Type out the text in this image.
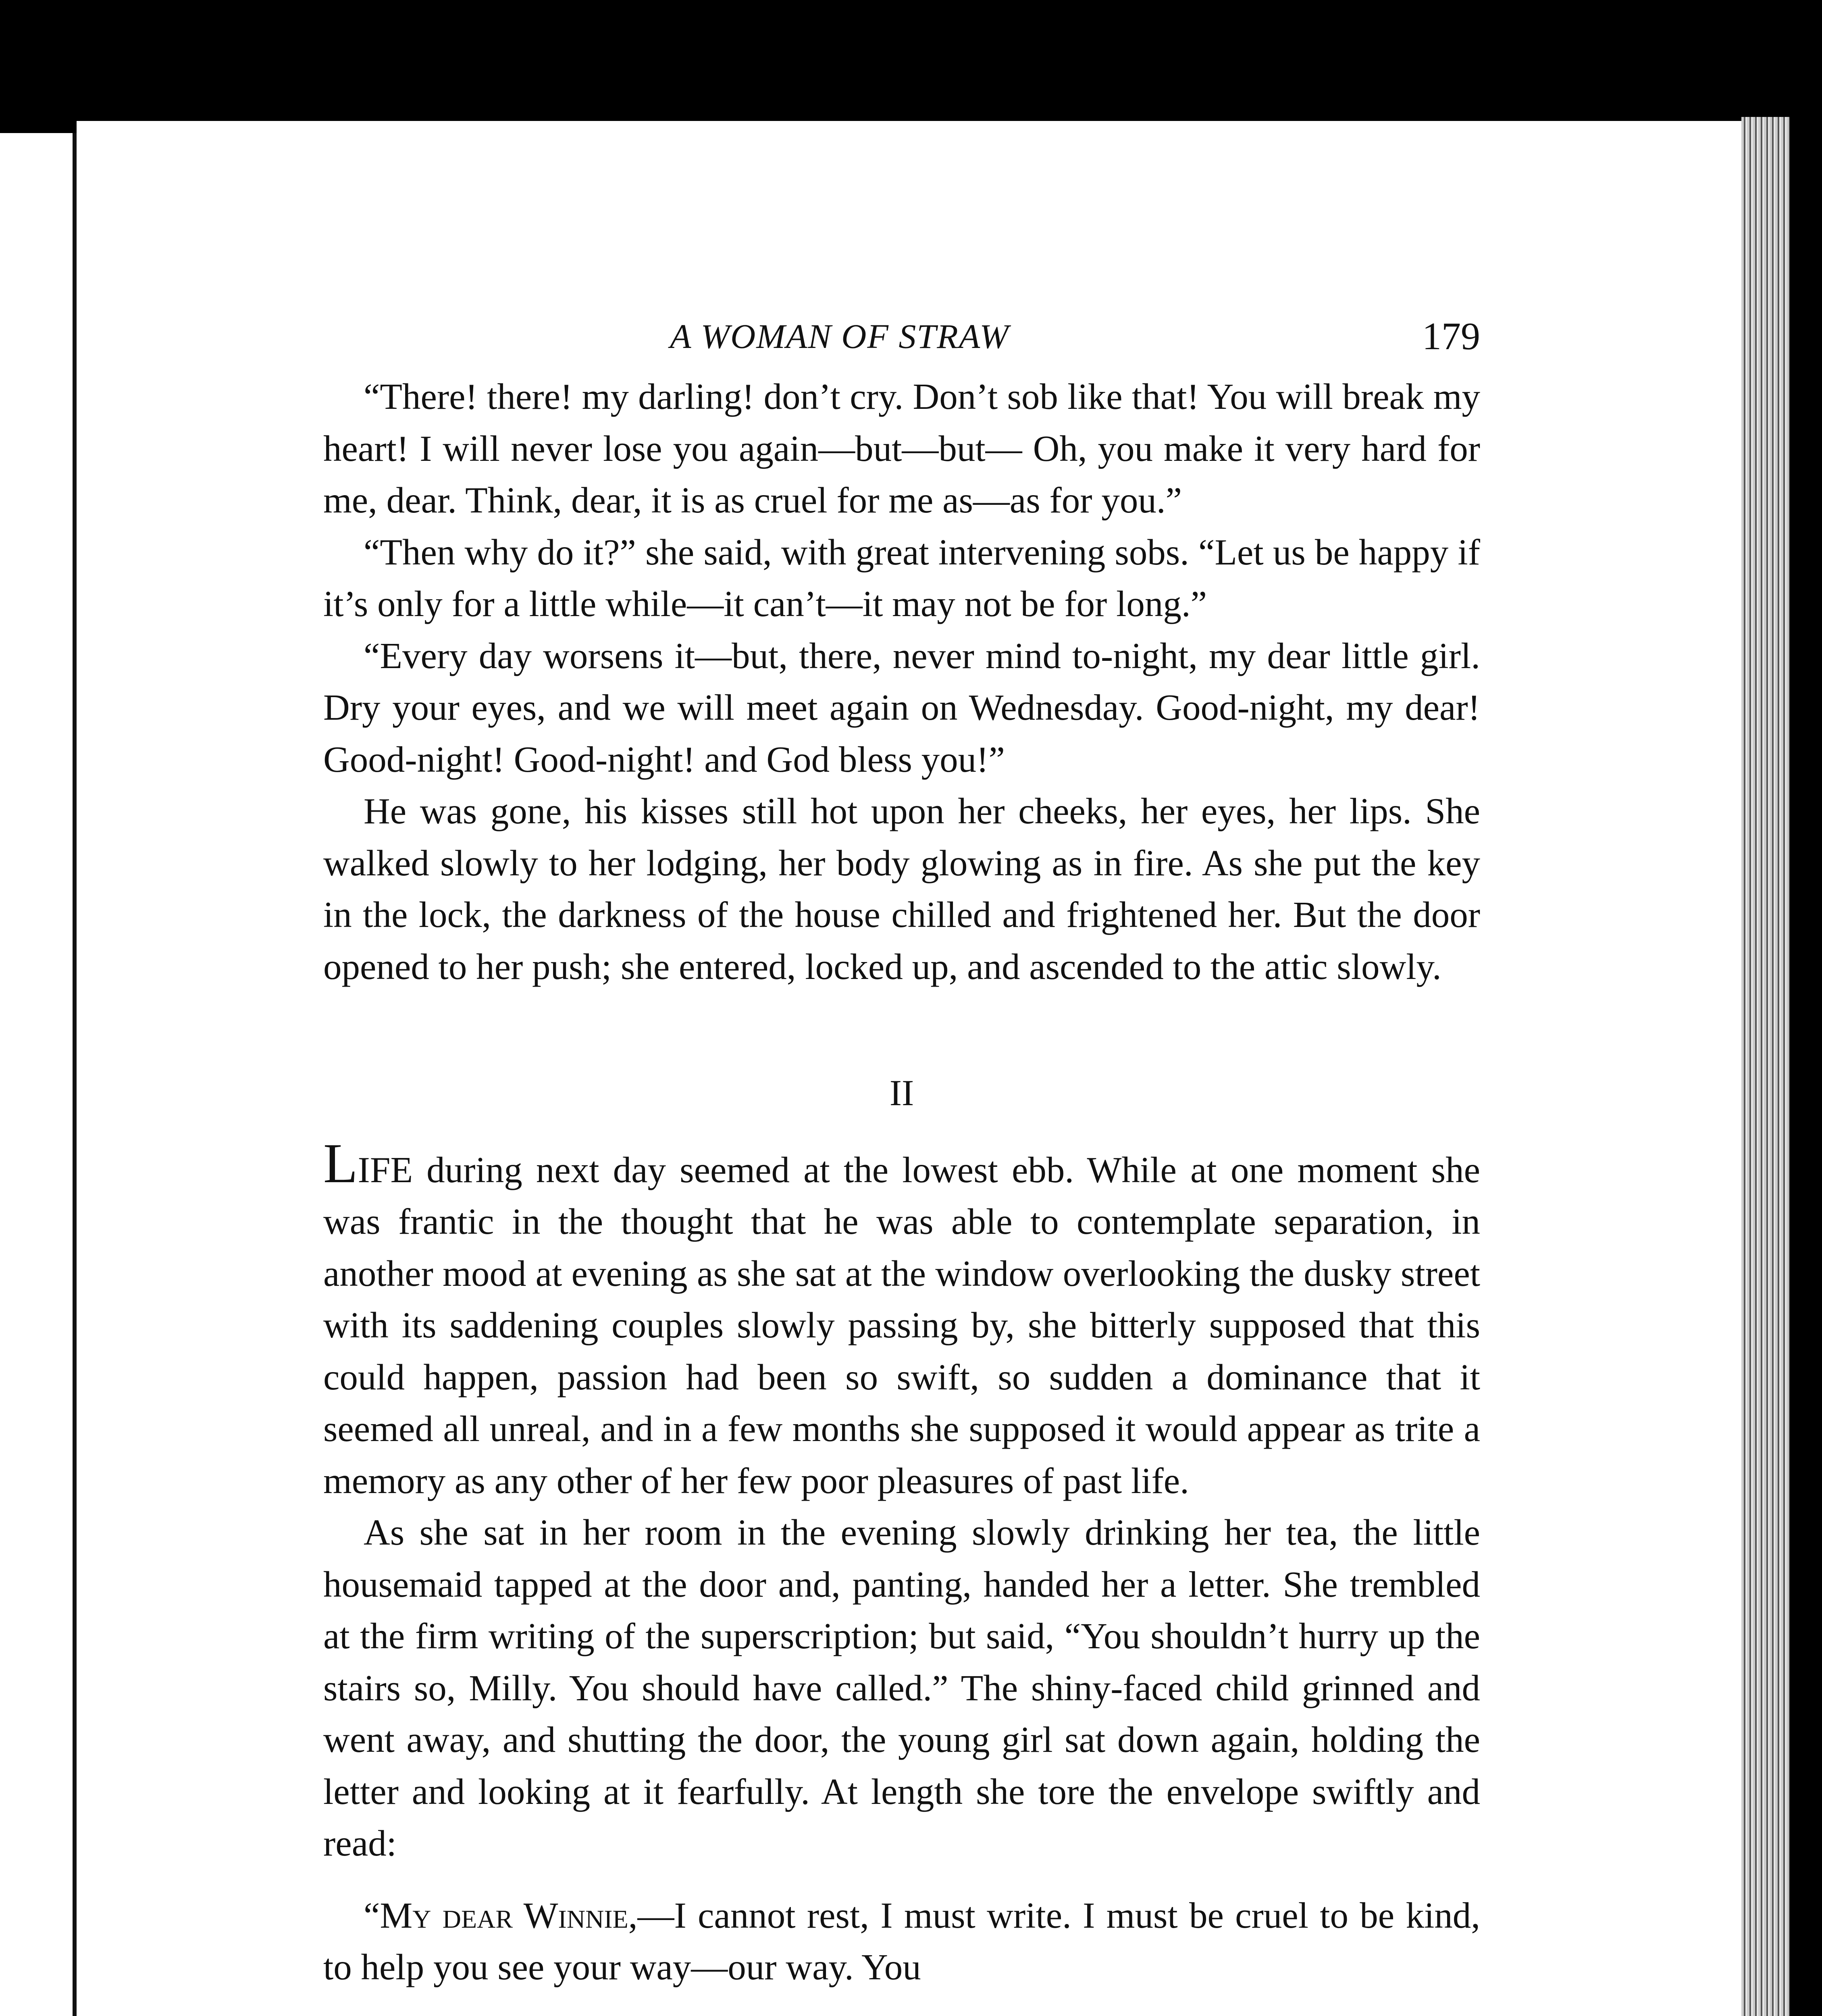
A WOMAN OF STRAW	179

“There! there! my darling! don’t cry. Don’t sob like that! You will break my heart! I will never lose you again—but—but— Oh, you make it very hard for me, dear. Think, dear, it is as cruel for me as—as for you.”

“Then why do it?” she said, with great intervening sobs. “Let us be happy if it’s only for a little while—it can’t—it may not be for long.”

“Every day worsens it—but, there, never mind to-night, my dear little girl. Dry your eyes, and we will meet again on Wednesday. Good-night, my dear! Good-night! Good-night! and God bless you!”

He was gone, his kisses still hot upon her cheeks, her eyes, her lips. She walked slowly to her lodging, her body glowing as in fire. As she put the key in the lock, the darkness of the house chilled and frightened her. But the door opened to her push; she entered, locked up, and ascended to the attic slowly.

II

LIFE during next day seemed at the lowest ebb. While at one moment she was frantic in the thought that he was able to contemplate separation, in another mood at evening as she sat at the window overlooking the dusky street with its saddening couples slowly passing by, she bitterly supposed that this could happen, passion had been so swift, so sudden a dominance that it seemed all unreal, and in a few months she supposed it would appear as trite a memory as any other of her few poor pleasures of past life.

As she sat in her room in the evening slowly drinking her tea, the little housemaid tapped at the door and, panting, handed her a letter. She trembled at the firm writing of the superscription; but said, “You shouldn’t hurry up the stairs so, Milly. You should have called.” The shiny-faced child grinned and went away, and shutting the door, the young girl sat down again, holding the letter and looking at it fearfully. At length she tore the envelope swiftly and read:

“My dear Winnie,—I cannot rest, I must write. I must be cruel to be kind, to help you see your way—our way. You
